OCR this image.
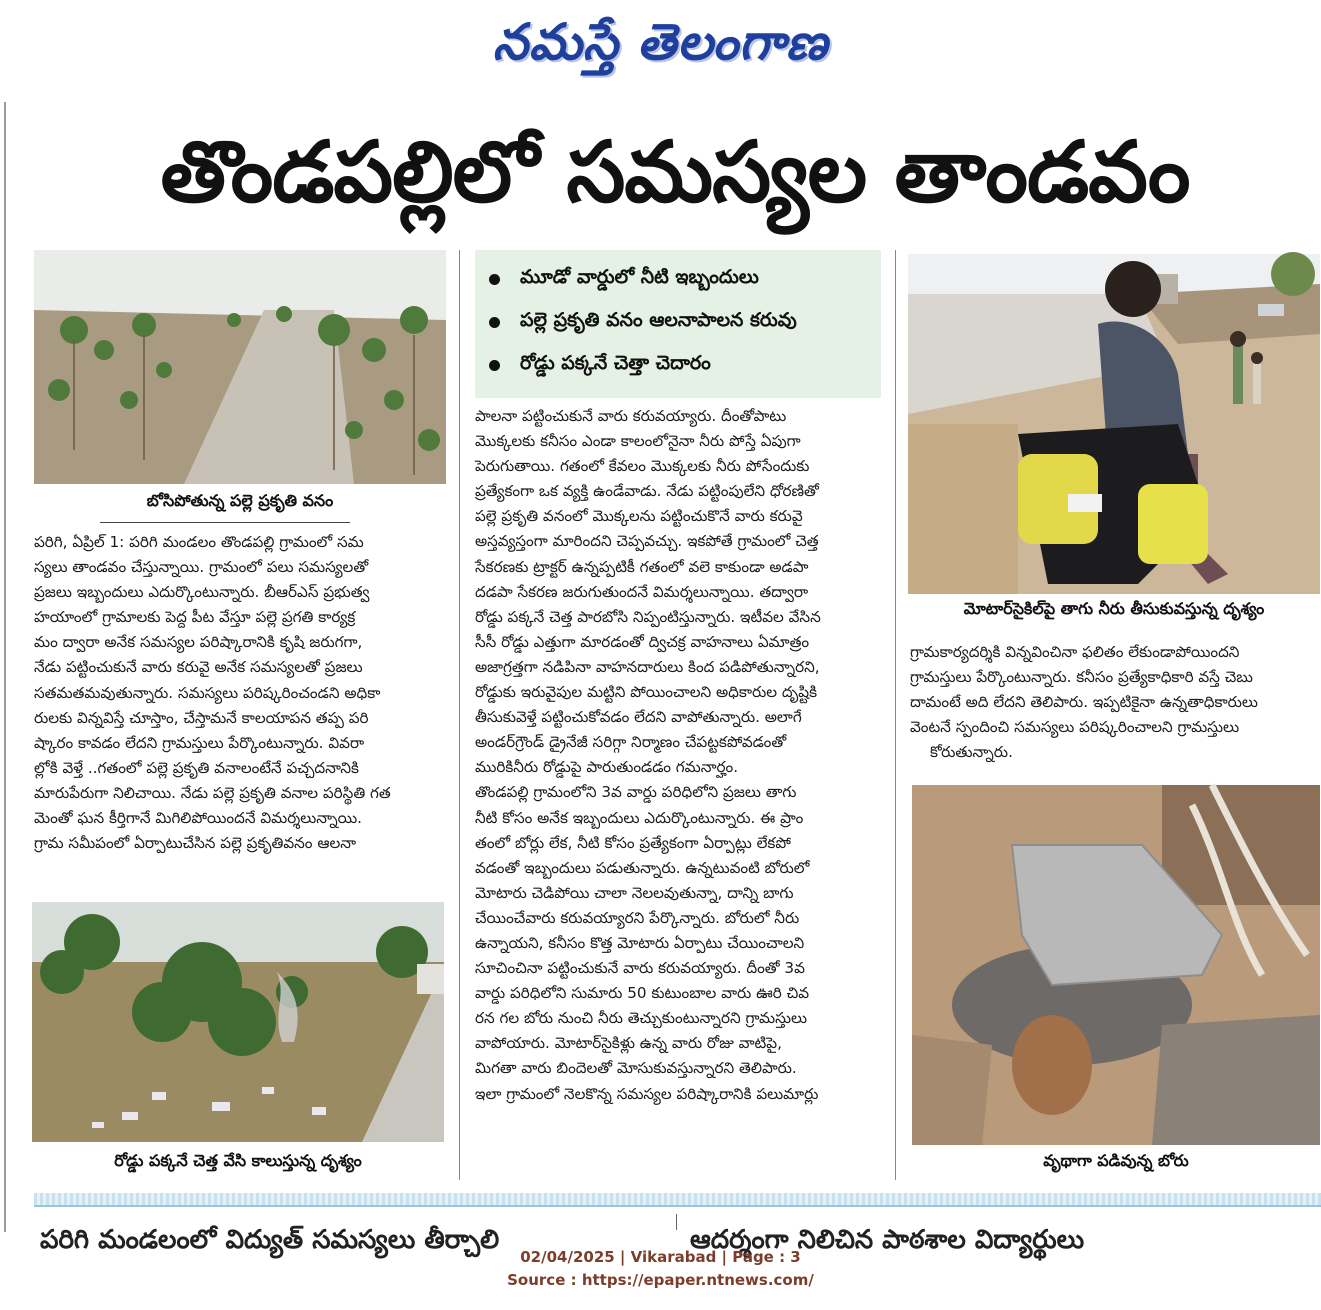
నమస్తే తెలంగాణ
తొండపల్లిలో సమస్యల తాండవం
బోసిపోతున్న పల్లె ప్రకృతి వనం

పరిగి, ఏప్రిల్ 1: పరిగి మండలం తొండపల్లి గ్రామంలో సమ

స్యలు తాండవం చేస్తున్నాయి. గ్రామంలో పలు సమస్యలతో

ప్రజలు ఇబ్బందులు ఎదుర్కొంటున్నారు. బీఆర్ఎస్ ప్రభుత్వ

హయాంలో గ్రామాలకు పెద్ద పీట వేస్తూ పల్లె ప్రగతి కార్యక్ర

మం ద్వారా అనేక సమస్యల పరిష్కారానికి కృషి జరుగగా,

నేడు పట్టించుకునే వారు కరువై అనేక సమస్యలతో ప్రజలు

సతమతమవుతున్నారు. సమస్యలు పరిష్కరించండని అధికా

రులకు విన్నవిస్తే చూస్తాం, చేస్తామనే కాలయాపన తప్ప పరి

ష్కారం కావడం లేదని గ్రామస్తులు పేర్కొంటున్నారు. వివరా

ల్లోకి వెళ్తే ..గతంలో పల్లె ప్రకృతి వనాలంటేనే పచ్చదనానికి

మారుపేరుగా నిలిచాయి. నేడు పల్లె ప్రకృతి వనాల పరిస్థితి గత

మెంతో ఘన కీర్తిగానే మిగిలిపోయిందనే విమర్శలున్నాయి.

గ్రామ సమీపంలో ఏర్పాటుచేసిన పల్లె ప్రకృతివనం ఆలనా

రోడ్డు పక్కనే చెత్త వేసి కాలుస్తున్న దృశ్యం
మూడో వార్డులో నీటి ఇబ్బందులు
పల్లె ప్రకృతి వనం ఆలనాపాలన కరువు
రోడ్డు పక్కనే చెత్తా చెదారం

పాలనా పట్టించుకునే వారు కరువయ్యారు. దీంతోపాటు

మొక్కలకు కనీసం ఎండా కాలంలోనైనా నీరు పోస్తే ఏపుగా

పెరుగుతాయి. గతంలో కేవలం మొక్కలకు నీరు పోసేందుకు

ప్రత్యేకంగా ఒక వ్యక్తి ఉండేవాడు. నేడు పట్టింపులేని ధోరణితో

పల్లె ప్రకృతి వనంలో మొక్కలను పట్టించుకొనే వారు కరువై

అస్తవ్యస్తంగా మారిందని చెప్పవచ్చు. ఇకపోతే గ్రామంలో చెత్త

సేకరణకు ట్రాక్టర్ ఉన్నప్పటికీ గతంలో వలె కాకుండా అడపా

దడపా సేకరణ జరుగుతుందనే విమర్శలున్నాయి. తద్వారా

రోడ్డు పక్కనే చెత్త పారబోసి నిప్పంటిస్తున్నారు. ఇటీవల వేసిన

సీసీ రోడ్డు ఎత్తుగా మారడంతో ద్విచక్ర వాహనాలు ఏమాత్రం

అజాగ్రత్తగా నడిపినా వాహనదారులు కింద పడిపోతున్నారని,

రోడ్డుకు ఇరువైపుల మట్టిని పోయించాలని అధికారుల దృష్టికి

తీసుకువెళ్తే పట్టించుకోవడం లేదని వాపోతున్నారు. అలాగే

అండర్‌గ్రౌండ్ డ్రైనేజీ సరిగ్గా నిర్మాణం చేపట్టకపోవడంతో

మురికినీరు రోడ్డుపై పారుతుండడం గమనార్హం.

తొండపల్లి గ్రామంలోని 3వ వార్డు పరిధిలోని ప్రజలు తాగు

నీటి కోసం అనేక ఇబ్బందులు ఎదుర్కొంటున్నారు. ఈ ప్రాం

తంలో బోర్లు లేక, నీటి కోసం ప్రత్యేకంగా ఏర్పాట్లు లేకపో

వడంతో ఇబ్బందులు పడుతున్నారు. ఉన్నటువంటి బోరులో

మోటారు చెడిపోయి చాలా నెలలవుతున్నా, దాన్ని బాగు

చేయించేవారు కరువయ్యారని పేర్కొన్నారు. బోరులో నీరు

ఉన్నాయని, కనీసం కొత్త మోటారు ఏర్పాటు చేయించాలని

సూచించినా పట్టించుకునే వారు కరువయ్యారు. దీంతో 3వ

వార్డు పరిధిలోని సుమారు 50 కుటుంబాల వారు ఊరి చివ

రన గల బోరు నుంచి నీరు తెచ్చుకుంటున్నారని గ్రామస్తులు

వాపోయారు. మోటార్‌సైకిళ్లు ఉన్న వారు రోజు వాటిపై,

మిగతా వారు బిందెలతో మోసుకువస్తున్నారని తెలిపారు.

ఇలా గ్రామంలో నెలకొన్న సమస్యల పరిష్కారానికి పలుమార్లు

మోటార్‌సైకిల్‌పై తాగు నీరు తీసుకువస్తున్న దృశ్యం

గ్రామకార్యదర్శికి విన్నవించినా ఫలితం లేకుండాపోయిందని

గ్రామస్తులు పేర్కొంటున్నారు. కనీసం ప్రత్యేకాధికారి వస్తే చెబు

దామంటే అది లేదని తెలిపారు. ఇప్పటికైనా ఉన్నతాధికారులు

వెంటనే స్పందించి సమస్యలు పరిష్కరించాలని గ్రామస్తులు

కోరుతున్నారు.

వృథాగా పడివున్న బోరు
పరిగి మండలంలో విద్యుత్ సమస్యలు తీర్చాలి	ఆదర్శంగా నిలిచిన పాఠశాల విద్యార్థులు
02/04/2025 | Vikarabad | Page : 3
Source : https://epaper.ntnews.com/
